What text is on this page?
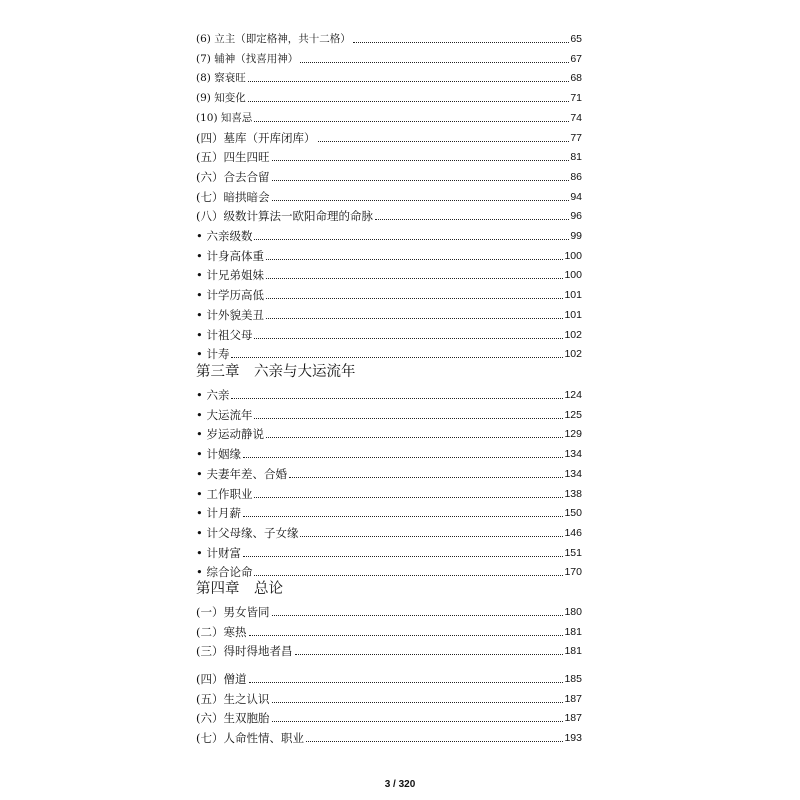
(6) 立主（即定格神，共十二格）	65
(7) 辅神（找喜用神）	67
(8) 察衰旺	68
(9) 知变化	71
(10) 知喜忌	74
(四）墓库（开库闭库）	77
(五）四生四旺	81
(六）合去合留	86
(七）暗拱暗会	94
(八）级数计算法一欧阳命理的命脉	96
• 六亲级数	99
• 计身高体重	100
• 计兄弟姐妹	100
• 计学历高低	101
• 计外貌美丑	101
• 计祖父母	102
• 计寿	102
第三章　六亲与大运流年
• 六亲	124
• 大运流年	125
• 岁运动静说	129
• 计姻缘	134
• 夫妻年差、合婚	134
• 工作职业	138
• 计月薪	150
• 计父母缘、子女缘	146
• 计财富	151
• 综合论命	170
第四章　总论
(一）男女皆同	180
(二）寒热	181
(三）得时得地者昌	181
(四）僧道	185
(五）生之认识	187
(六）生双胞胎	187
(七）人命性情、职业	193
3 / 320
